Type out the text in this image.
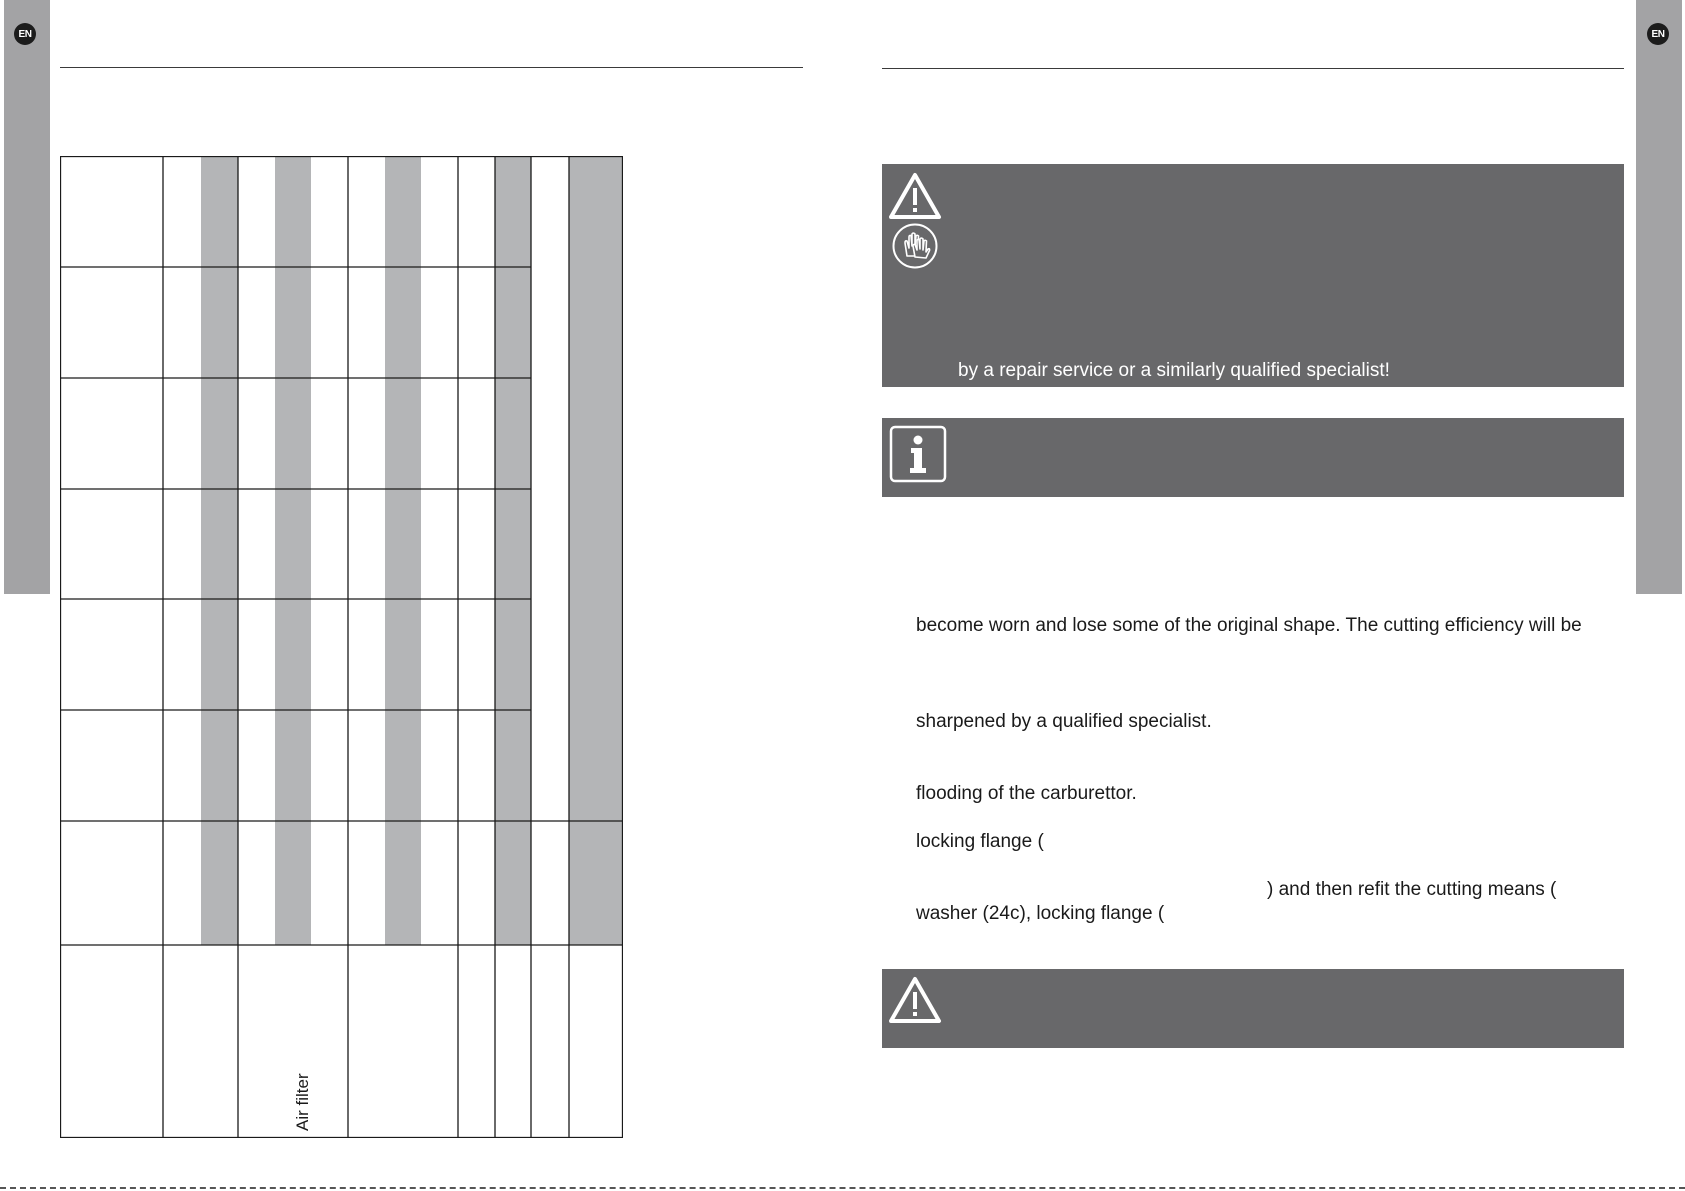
EN	EN
Air filter
by a repair service or a similarly qualified specialist!
become worn and lose some of the original shape. The cutting efficiency will be
sharpened by a qualified specialist.
flooding of the carburettor.
locking flange (
) and then refit the cutting means (
washer (24c), locking flange (
